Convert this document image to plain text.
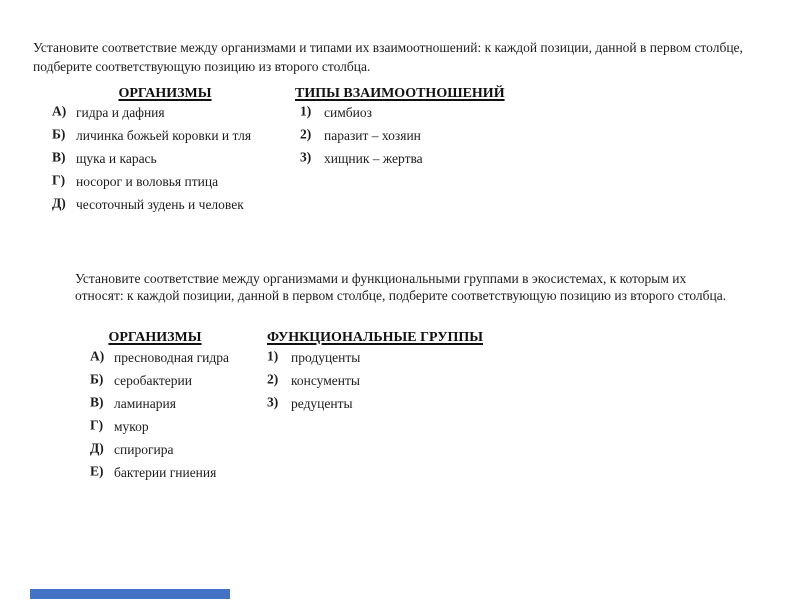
Установите соответствие между организмами и типами их взаимоотношений: к каждой позиции, данной в первом столбце, подберите соответствующую позицию из второго столбца.
ОРГАНИЗМЫ	ТИПЫ ВЗАИМООТНОШЕНИЙ
А) гидра и дафния
Б) личинка божьей коровки и тля
В) щука и карась
Г) носорог и воловья птица
Д) чесоточный зудень и человек
1) симбиоз
2) паразит – хозяин
3) хищник – жертва
Установите соответствие между организмами и функциональными группами в экосистемах, к которым их относят: к каждой позиции, данной в первом столбце, подберите соответствующую позицию из второго столбца.
ОРГАНИЗМЫ	ФУНКЦИОНАЛЬНЫЕ ГРУППЫ
А) пресноводная гидра
Б) серобактерии
В) ламинария
Г) мукор
Д) спирогира
Е) бактерии гниения
1) продуценты
2) консументы
3) редуценты
